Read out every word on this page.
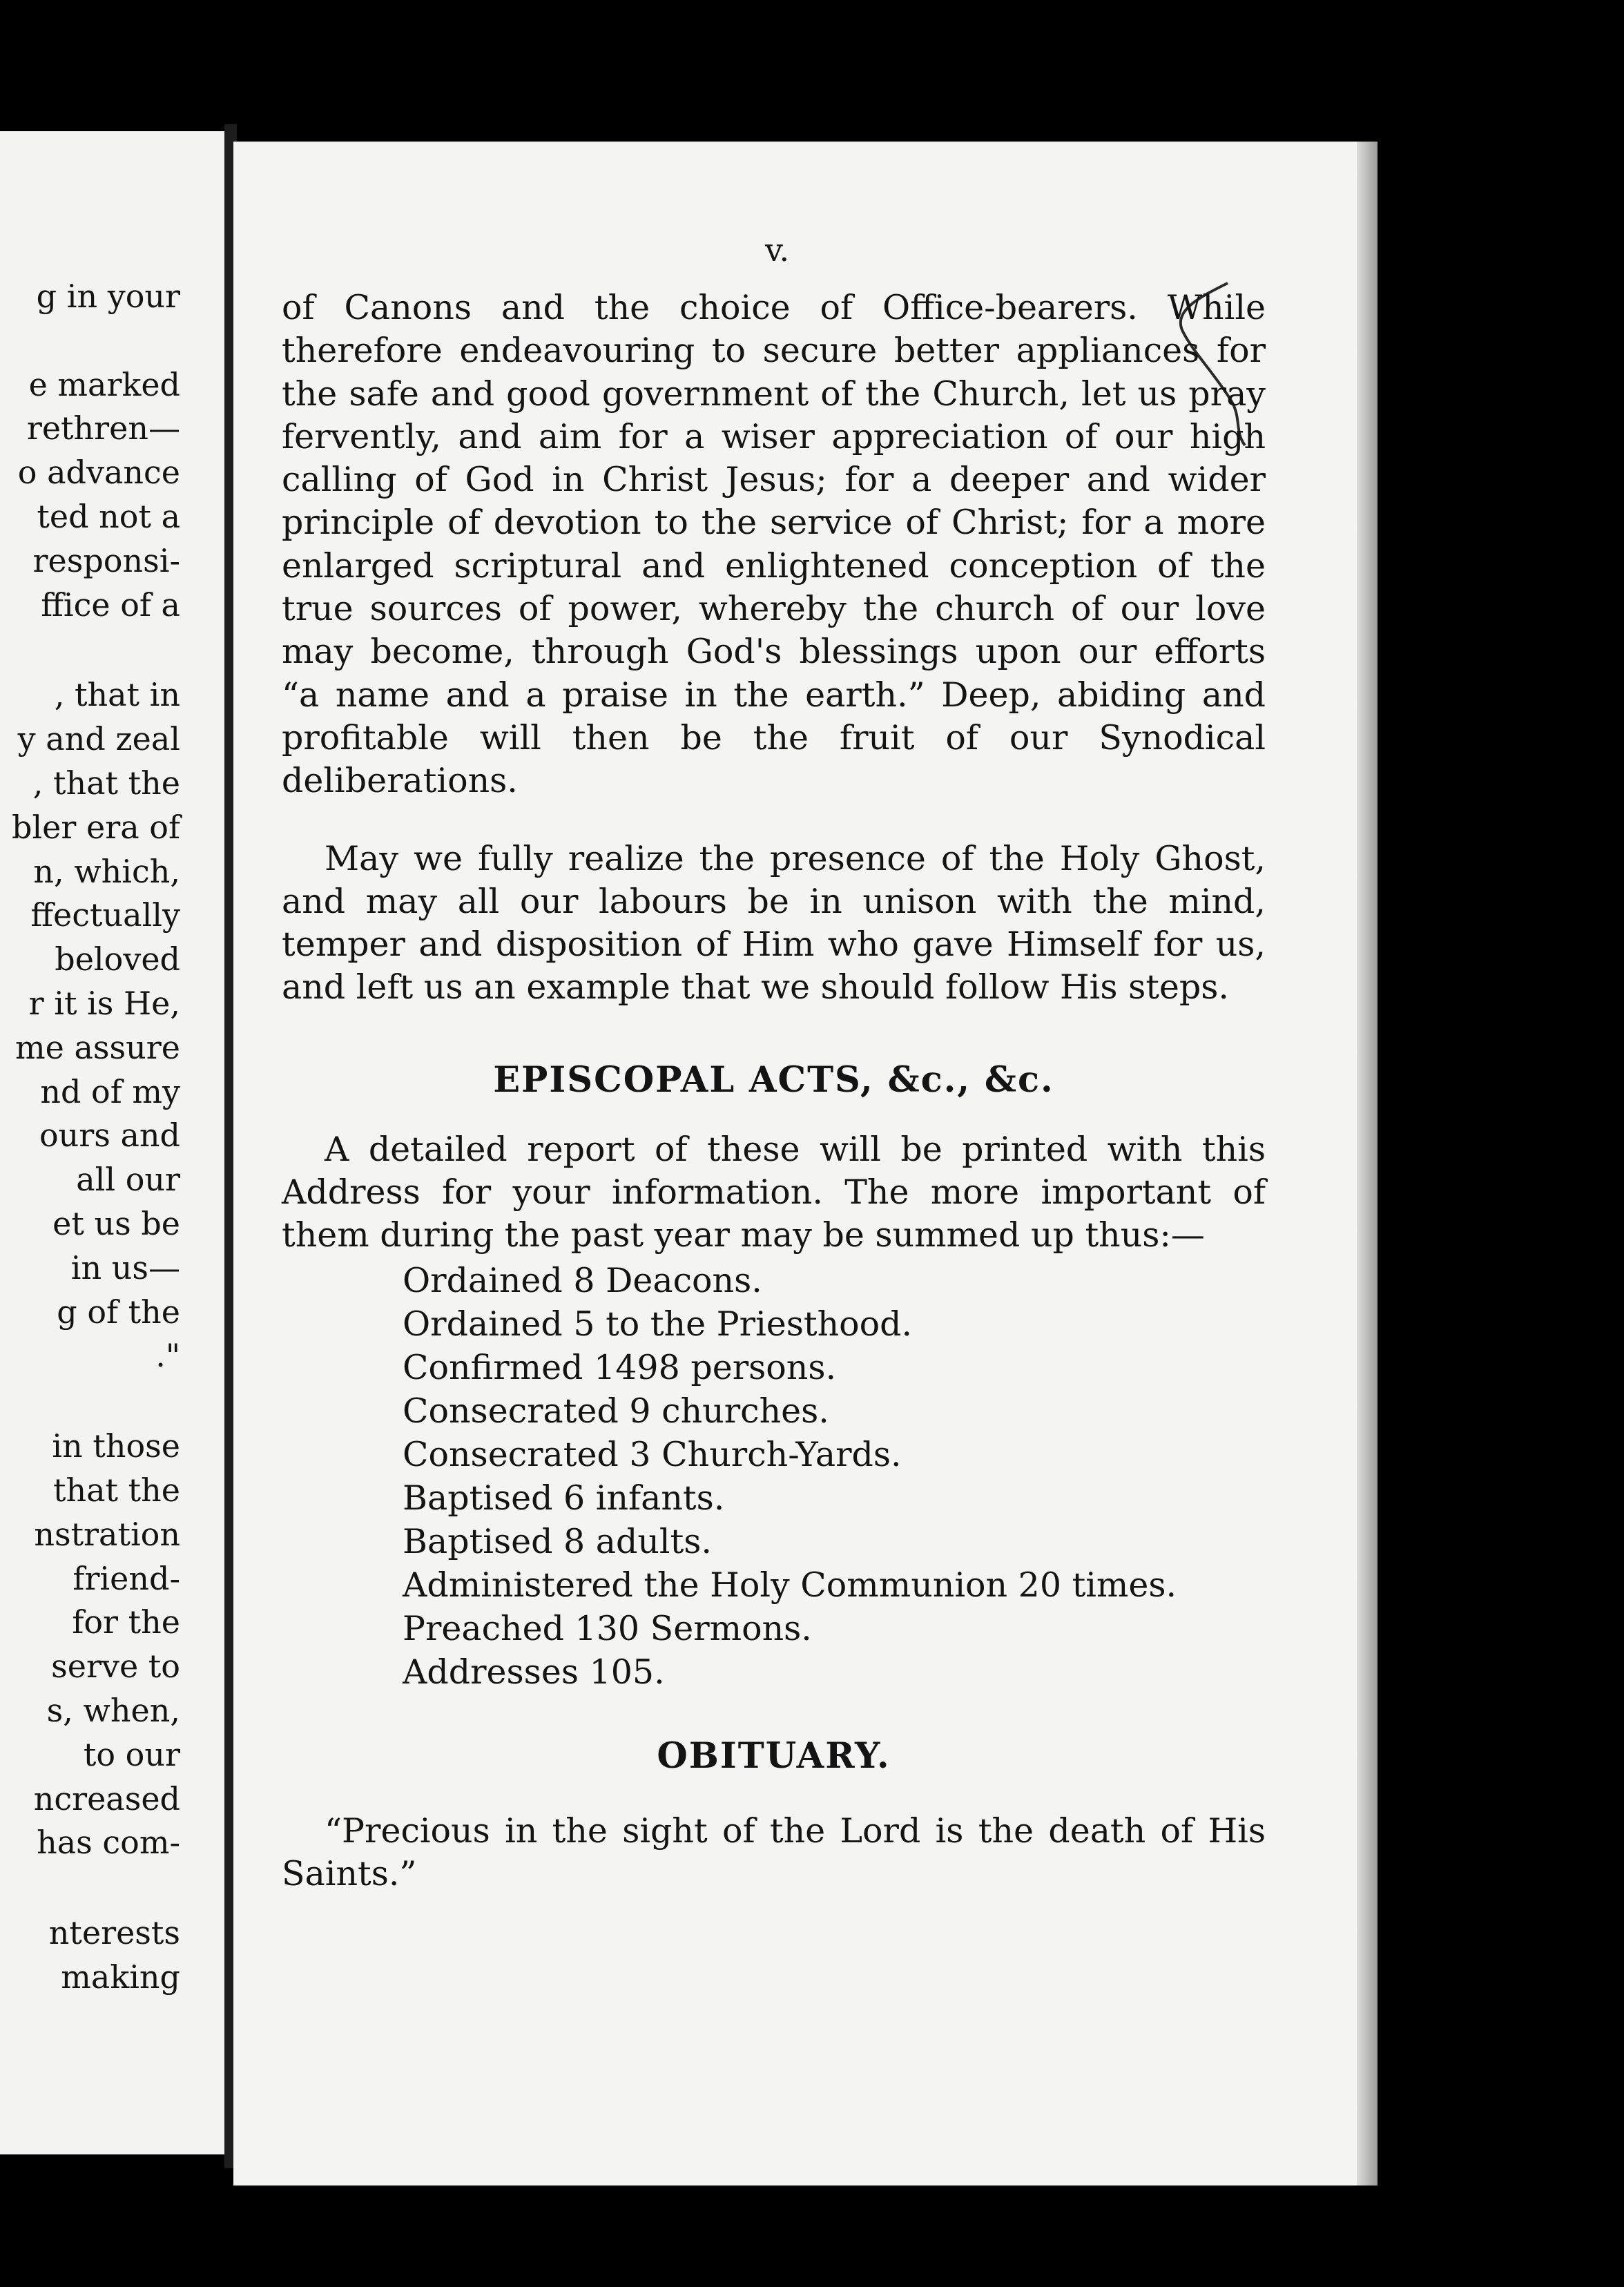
g in your

e marked
rethren—
o advance
ted not a
responsi-
ffice of a
, that in
y and zeal
, that the
bler era of
n, which,
ffectually
beloved
r it is He,
me assure
nd of my
ours and
all our
et us be
in us—
g of the
."
in those
that the
nstration
friend-
for the
serve to
s, when,
to our
ncreased
has com-
nterests
making
v.

of Canons and the choice of Office-bearers. While therefore endeavouring to secure better appliances for the safe and good government of the Church, let us pray fervently, and aim for a wiser appreciation of our high calling of God in Christ Jesus; for a deeper and wider principle of devotion to the service of Christ; for a more enlarged scriptural and enlightened conception of the true sources of power, whereby the church of our love may become, through God's blessings upon our efforts “a name and a praise in the earth.” Deep, abiding and profitable will then be the fruit of our Synodical deliberations.

May we fully realize the presence of the Holy Ghost, and may all our labours be in unison with the mind, temper and disposition of Him who gave Himself for us, and left us an example that we should follow His steps.

EPISCOPAL ACTS, &c., &c.

A detailed report of these will be printed with this Address for your information. The more important of them during the past year may be summed up thus:—

Ordained 8 Deacons.
Ordained 5 to the Priesthood.
Confirmed 1498 persons.
Consecrated 9 churches.
Consecrated 3 Church-Yards.
Baptised 6 infants.
Baptised 8 adults.
Administered the Holy Communion 20 times.
Preached 130 Sermons.
Addresses 105.
OBITUARY.

“Precious in the sight of the Lord is the death of His Saints.”
